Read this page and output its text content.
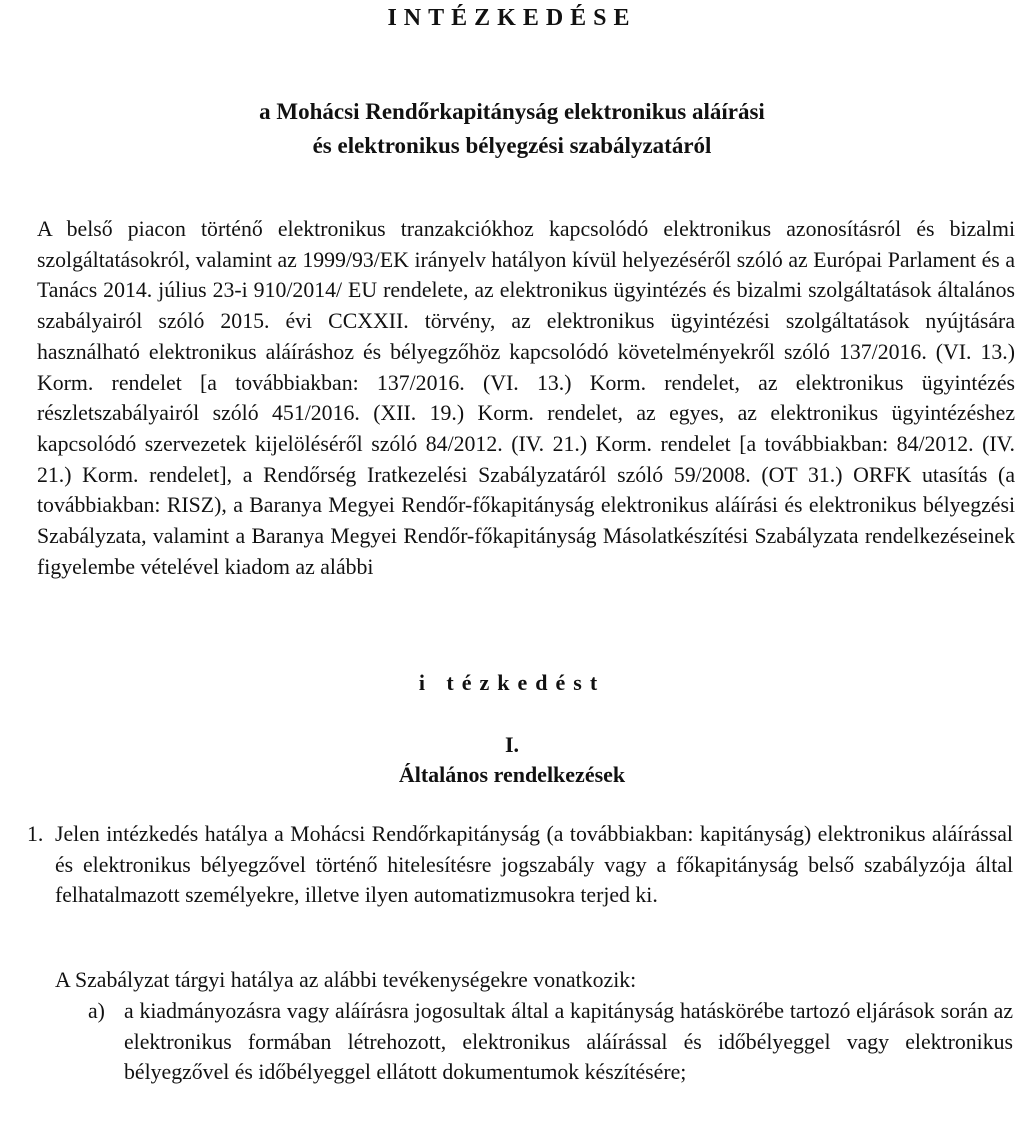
INTÉZKEDÉSE
a Mohácsi Rendőrkapitányság elektronikus aláírási
és elektronikus bélyegzési szabályzatáról
A belső piacon történő elektronikus tranzakciókhoz kapcsolódó elektronikus azonosításról és bizalmi szolgáltatásokról, valamint az 1999/93/EK irányelv hatályon kívül helyezéséről szóló az Európai Parlament és a Tanács 2014. július 23-i 910/2014/ EU rendelete, az elektronikus ügyintézés és bizalmi szolgáltatások általános szabályairól szóló 2015. évi CCXXII. törvény, az elektronikus ügyintézési szolgáltatások nyújtására használható elektronikus aláíráshoz és bélyegzőhöz kapcsolódó követelményekről szóló 137/2016. (VI. 13.) Korm. rendelet [a továbbiakban: 137/2016. (VI. 13.) Korm. rendelet, az elektronikus ügyintézés részletszabályairól szóló 451/2016. (XII. 19.) Korm. rendelet, az egyes, az elektronikus ügyintézéshez kapcsolódó szervezetek kijelöléséről szóló 84/2012. (IV. 21.) Korm. rendelet [a továbbiakban: 84/2012. (IV. 21.) Korm. rendelet], a Rendőrség Iratkezelési Szabályzatáról szóló 59/2008. (OT 31.) ORFK utasítás (a továbbiakban: RISZ), a Baranya Megyei Rendőr-főkapitányság elektronikus aláírási és elektronikus bélyegzési Szabályzata, valamint a Baranya Megyei Rendőr-főkapitányság Másolatkészítési Szabályzata rendelkezéseinek figyelembe vételével kiadom az alábbi
i tézkedést
I.
Általános rendelkezések
1. Jelen intézkedés hatálya a Mohácsi Rendőrkapitányság (a továbbiakban: kapitányság) elektronikus aláírással és elektronikus bélyegzővel történő hitelesítésre jogszabály vagy a főkapitányság belső szabályzója által felhatalmazott személyekre, illetve ilyen automatizmusokra terjed ki.
A Szabályzat tárgyi hatálya az alábbi tevékenységekre vonatkozik:
a) a kiadmányozásra vagy aláírásra jogosultak által a kapitányság hatáskörébe tartozó eljárások során az elektronikus formában létrehozott, elektronikus aláírással és időbélyeggel vagy elektronikus bélyegzővel és időbélyeggel ellátott dokumentumok készítésére;
